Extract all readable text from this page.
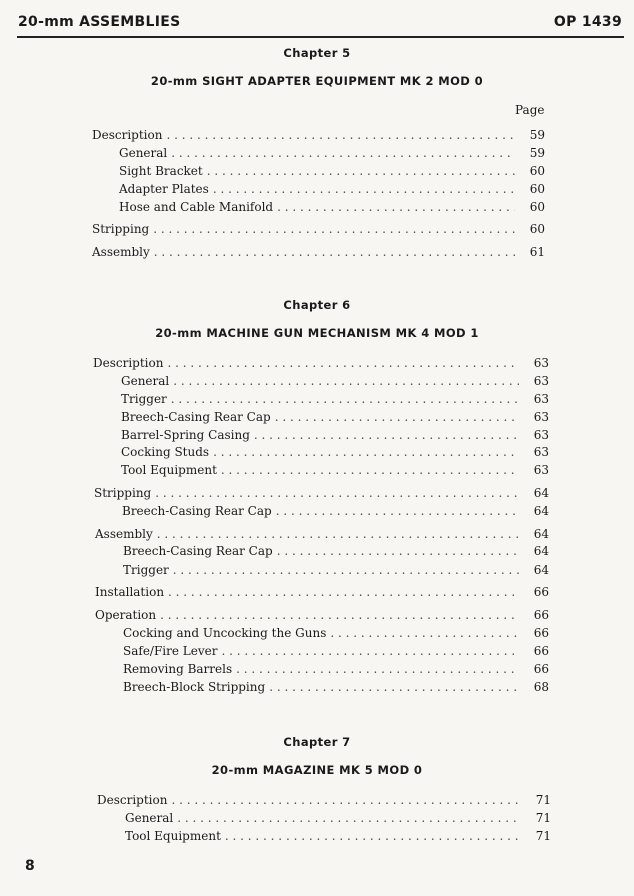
20-mm ASSEMBLIES	OP 1439
Chapter 5
20-mm SIGHT ADAPTER EQUIPMENT MK 2 MOD 0
Page
Description . . .	59
General . . .	59
Sight Bracket . . .	60
Adapter Plates . . .	60
Hose and Cable Manifold . . .	60
Stripping . . .	60
Assembly . . .	61
Chapter 6
20-mm MACHINE GUN MECHANISM MK 4 MOD 1
Description . . .	63
General . . .	63
Trigger . . .	63
Breech-Casing Rear Cap . . .	63
Barrel-Spring Casing . . .	63
Cocking Studs . . .	63
Tool Equipment . . .	63
Stripping . . .	64
Breech-Casing Rear Cap . . .	64
Assembly . . .	64
Breech-Casing Rear Cap . . .	64
Trigger . . .	64
Installation . . .	66
Operation . . .	66
Cocking and Uncocking the Guns . . .	66
Safe/Fire Lever . . .	66
Removing Barrels . . .	66
Breech-Block Stripping . . .	68
Chapter 7
20-mm MAGAZINE MK 5 MOD 0
Description . . .	71
General . . .	71
Tool Equipment . . .	71
8
